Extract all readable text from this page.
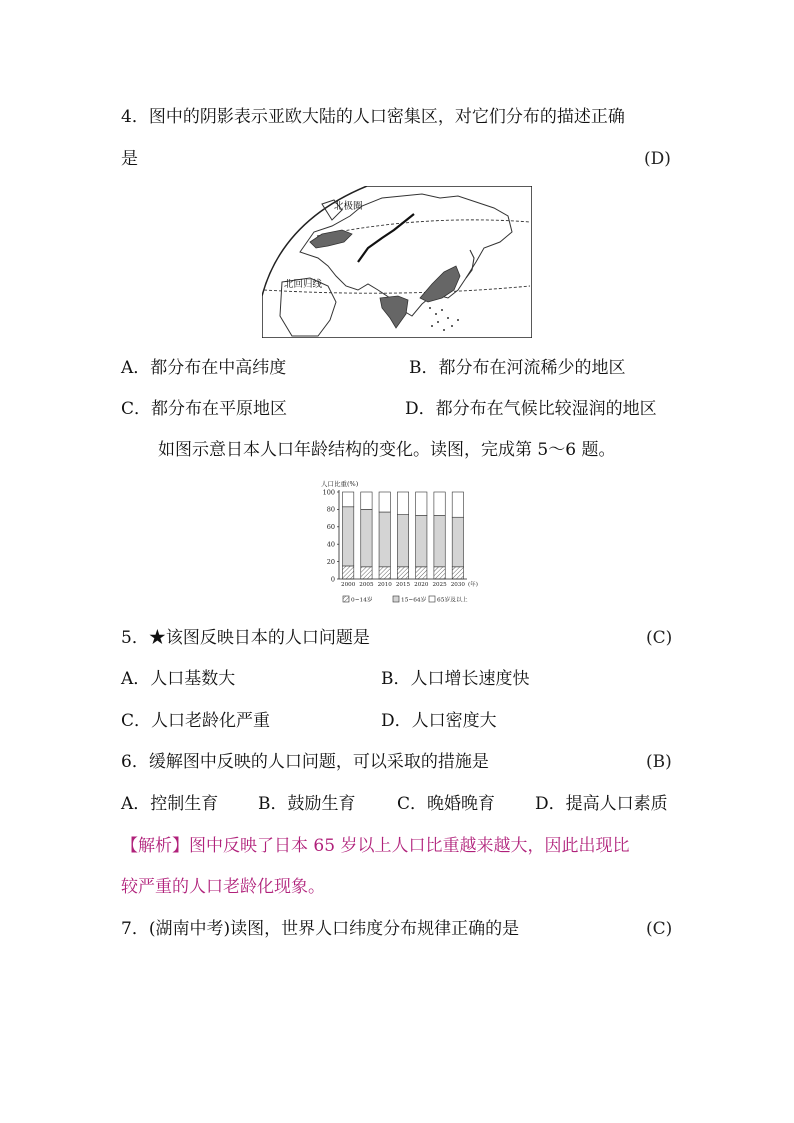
4．图中的阴影表示亚欧大陆的人口密集区，对它们分布的描述正确
是	(D)
北极圈
北回归线
A．都分布在中高纬度	B．都分布在河流稀少的地区
C．都分布在平原地区	D．都分布在气候比较湿润的地区
如图示意日本人口年龄结构的变化。读图，完成第 5～6 题。
人口比重(%)
0
20
40
60
80
100
2000 2005 2010 2015 2020 2025 2030 (年)
0~14岁	15~64岁 65岁及以上
5．★该图反映日本的人口问题是	(C)
A．人口基数大	B．人口增长速度快
C．人口老龄化严重	D．人口密度大
6．缓解图中反映的人口问题，可以采取的措施是	(B)
A．控制生育 B．鼓励生育 C．晚婚晚育 D．提高人口素质
【解析】图中反映了日本 65 岁以上人口比重越来越大，因此出现比
较严重的人口老龄化现象。
7．(湖南中考)读图，世界人口纬度分布规律正确的是	(C)
